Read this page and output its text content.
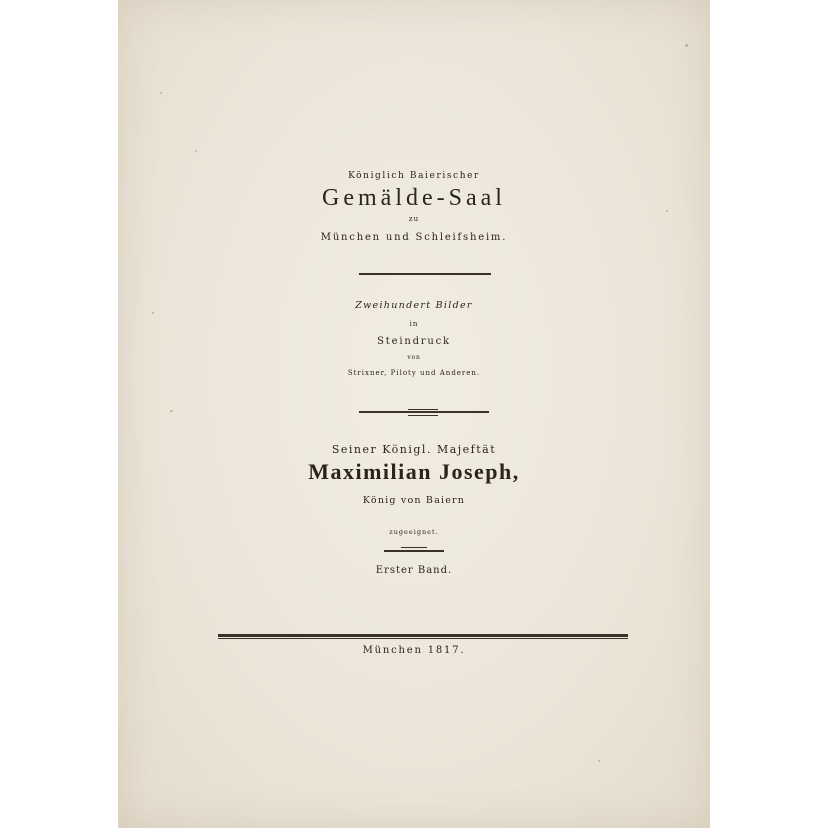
Königlich Baierischer
Gemälde-Saal
zu
München und Schleifsheim.
Zweihundert Bilder
in
Steindruck
von
Strixner, Piloty und Anderen.
Seiner Königl. Majeftät
Maximilian Joseph,
König von Baiern
zugeeignet.
Erster Band.
München 1817.
